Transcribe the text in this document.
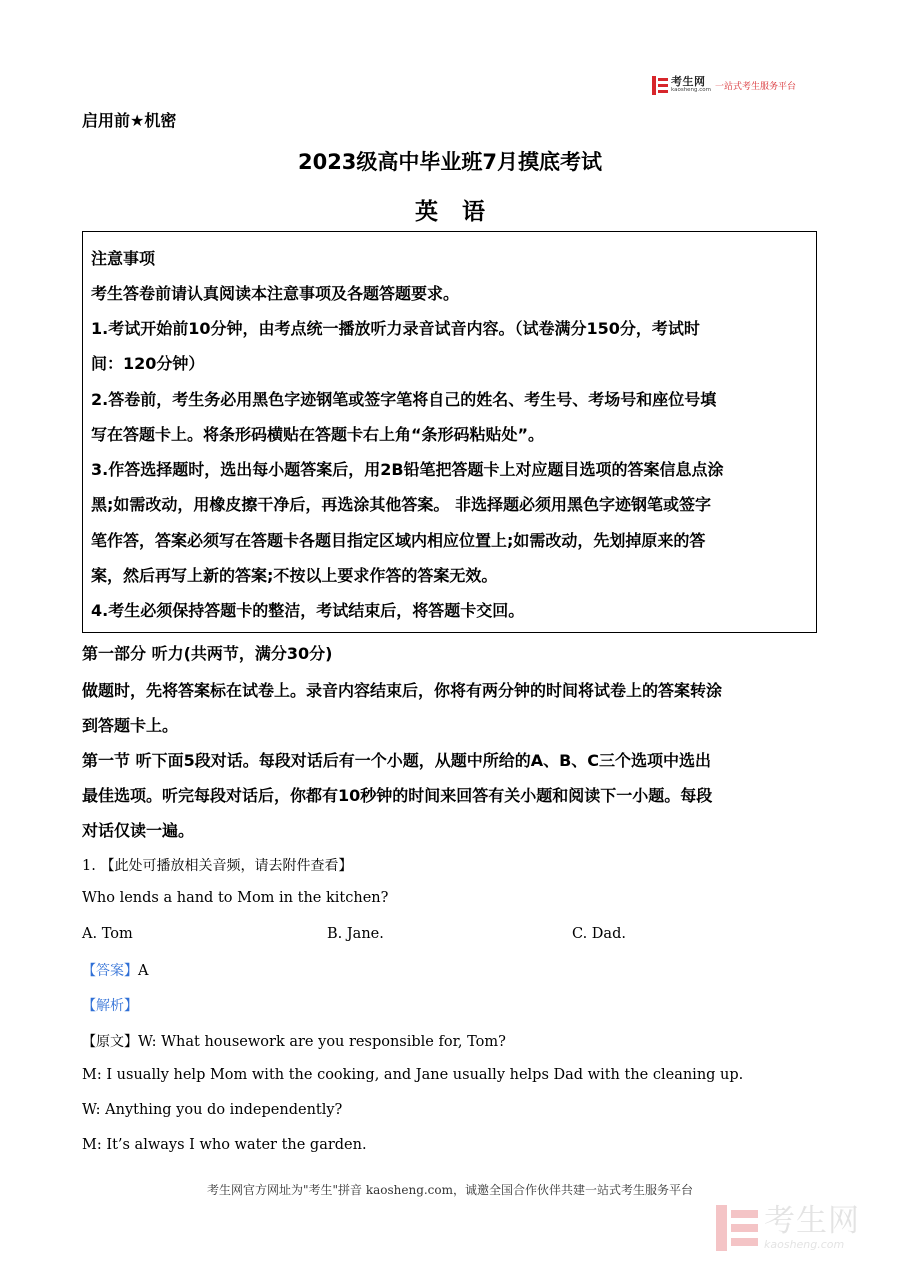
考生网
kaosheng.com 一站式考生服务平台
启用前★机密
2023级高中毕业班7月摸底考试
英语
注意事项
考生答卷前请认真阅读本注意事项及各题答题要求。
1.考试开始前10分钟，由考点统一播放听力录音试音内容。（试卷满分150分，考试时
间：120分钟）
2.答卷前，考生务必用黑色字迹钢笔或签字笔将自己的姓名、考生号、考场号和座位号填
写在答题卡上。将条形码横贴在答题卡右上角“条形码粘贴处”。
3.作答选择题时，选出每小题答案后，用2B铅笔把答题卡上对应题目选项的答案信息点涂
黑;如需改动，用橡皮擦干净后，再选涂其他答案。 非选择题必须用黑色字迹钢笔或签字
笔作答，答案必须写在答题卡各题目指定区域内相应位置上;如需改动，先划掉原来的答
案，然后再写上新的答案;不按以上要求作答的答案无效。
4.考生必须保持答题卡的整洁，考试结束后，将答题卡交回。
第一部分 听力(共两节，满分30分)
做题时，先将答案标在试卷上。录音内容结束后，你将有两分钟的时间将试卷上的答案转涂
到答题卡上。
第一节 听下面5段对话。每段对话后有一个小题，从题中所给的A、B、C三个选项中选出
最佳选项。听完每段对话后，你都有10秒钟的时间来回答有关小题和阅读下一小题。每段
对话仅读一遍。
1. 【此处可播放相关音频，请去附件查看】
Who lends a hand to Mom in the kitchen?
A. Tom	B. Jane.	C. Dad.
【答案】A
【解析】
【原文】W: What housework are you responsible for, Tom?
M: I usually help Mom with the cooking, and Jane usually helps Dad with the cleaning up.
W: Anything you do independently?
M: It’s always I who water the garden.
考生网官方网址为"考生"拼音 kaosheng.com，诚邀全国合作伙伴共建一站式考生服务平台
考生网
kaosheng.com
